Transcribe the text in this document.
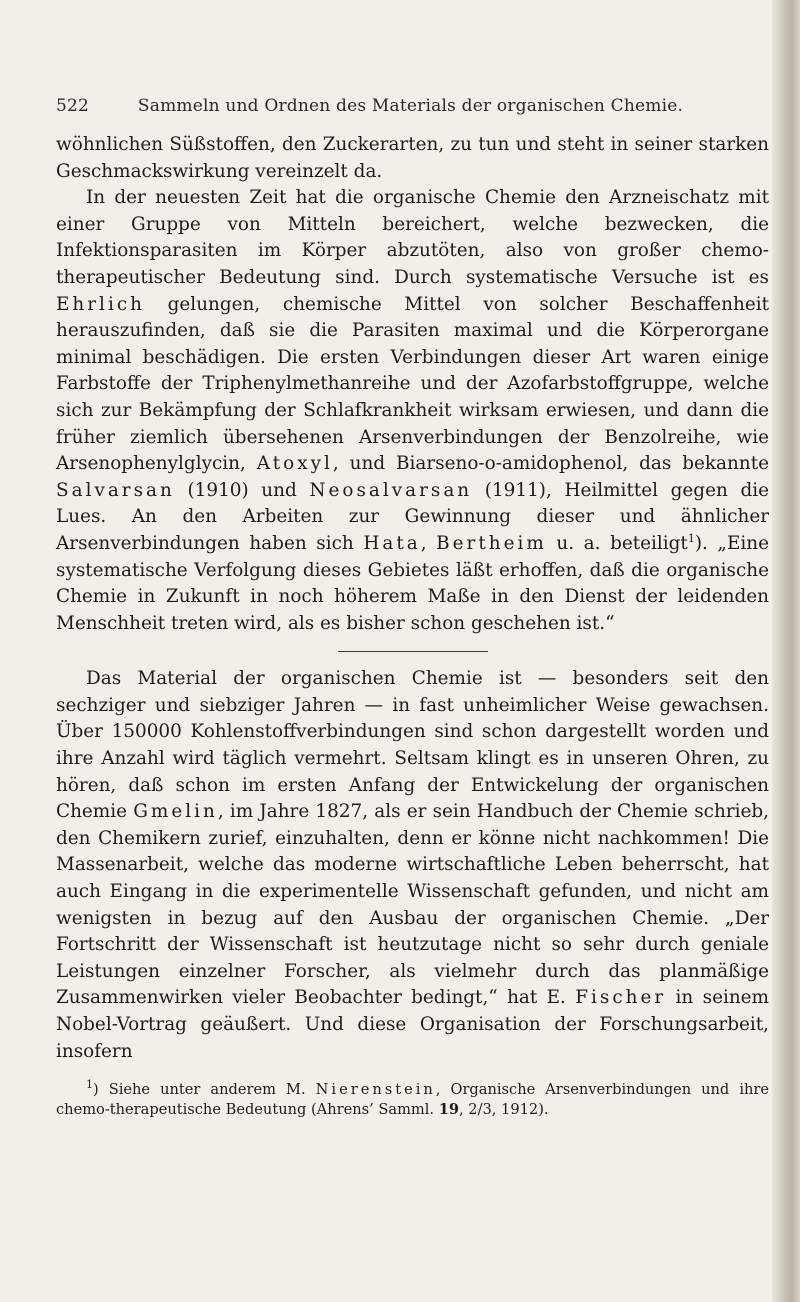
522	Sammeln und Ordnen des Materials der organischen Chemie.

wöhnlichen Süßstoffen, den Zuckerarten, zu tun und steht in seiner starken Geschmackswirkung vereinzelt da.

In der neuesten Zeit hat die organische Chemie den Arzneischatz mit einer Gruppe von Mitteln bereichert, welche bezwecken, die Infektionsparasiten im Körper abzutöten, also von großer chemo-therapeutischer Bedeutung sind. Durch systematische Versuche ist es Ehrlich gelungen, chemische Mittel von solcher Beschaffenheit herauszufinden, daß sie die Parasiten maximal und die Körperorgane minimal beschädigen. Die ersten Verbindungen dieser Art waren einige Farbstoffe der Triphenylmethanreihe und der Azofarbstoffgruppe, welche sich zur Bekämpfung der Schlafkrankheit wirksam erwiesen, und dann die früher ziemlich übersehenen Arsenverbindungen der Benzolreihe, wie Arsenophenylglycin, Atoxyl, und Biarseno-o-amidophenol, das bekannte Salvarsan (1910) und Neosalvarsan (1911), Heilmittel gegen die Lues. An den Arbeiten zur Gewinnung dieser und ähnlicher Arsenverbindungen haben sich Hata, Bertheim u. a. beteiligt$^1$). „Eine systematische Verfolgung dieses Gebietes läßt erhoffen, daß die organische Chemie in Zukunft in noch höherem Maße in den Dienst der leidenden Menschheit treten wird, als es bisher schon geschehen ist.“

Das Material der organischen Chemie ist — besonders seit den sechziger und siebziger Jahren — in fast unheimlicher Weise gewachsen. Über 150000 Kohlenstoffverbindungen sind schon dargestellt worden und ihre Anzahl wird täglich vermehrt. Seltsam klingt es in unseren Ohren, zu hören, daß schon im ersten Anfang der Entwickelung der organischen Chemie Gmelin, im Jahre 1827, als er sein Handbuch der Chemie schrieb, den Chemikern zurief, einzuhalten, denn er könne nicht nachkommen! Die Massenarbeit, welche das moderne wirtschaftliche Leben beherrscht, hat auch Eingang in die experimentelle Wissenschaft gefunden, und nicht am wenigsten in bezug auf den Ausbau der organischen Chemie. „Der Fortschritt der Wissenschaft ist heutzutage nicht so sehr durch geniale Leistungen einzelner Forscher, als vielmehr durch das planmäßige Zusammenwirken vieler Beobachter bedingt,“ hat E. Fischer in seinem Nobel-Vortrag geäußert. Und diese Organisation der Forschungsarbeit, insofern

$^1$) Siehe unter anderem M. Nierenstein, Organische Arsenverbindungen und ihre chemo-therapeutische Bedeutung (Ahrens’ Samml. 19, 2/3, 1912).
